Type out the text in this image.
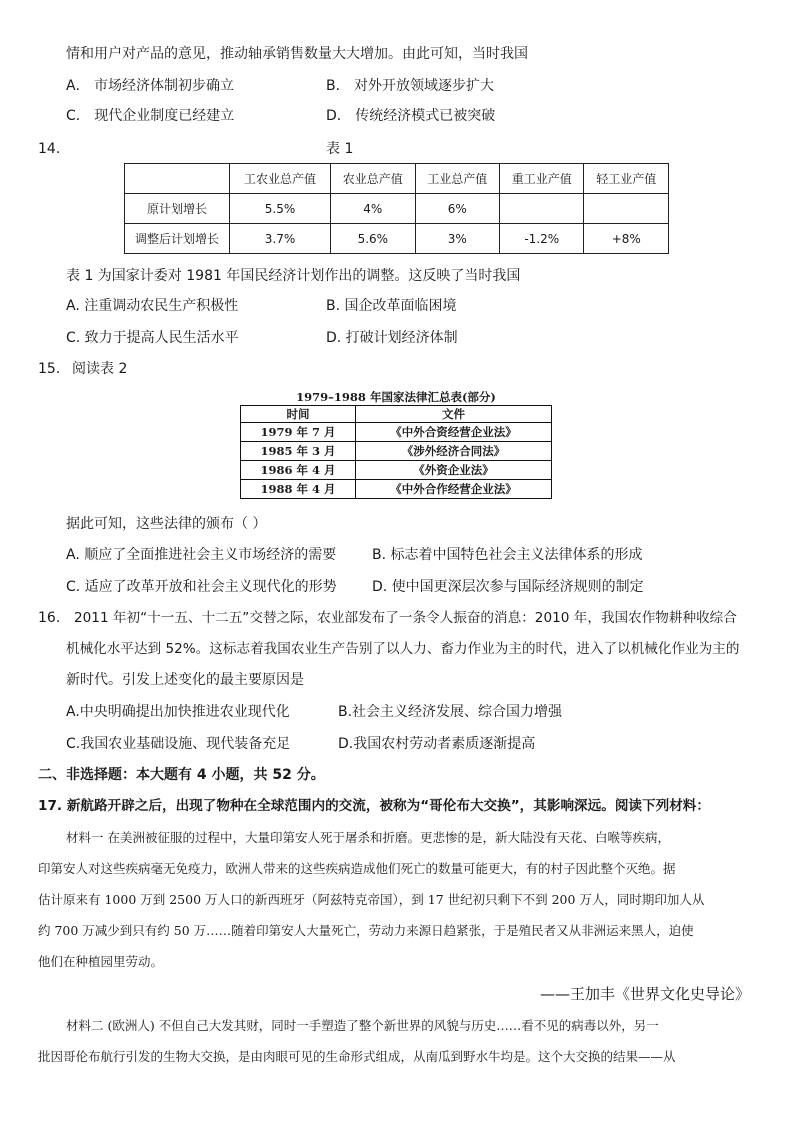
情和用户对产品的意见，推动轴承销售数量大大增加。由此可知，当时我国
A． 市场经济体制初步确立	B． 对外开放领域逐步扩大
C． 现代企业制度已经建立	D． 传统经济模式已被突破
14.	表 1
	工农业总产值	农业总产值	工业总产值	重工业产值	轻工业产值
原计划增长	5.5%	4%	6%		
调整后计划增长	3.7%	5.6%	3%	-1.2%	+8%
表 1 为国家计委对 1981 年国民经济计划作出的调整。这反映了当时我国
A. 注重调动农民生产积极性	B. 国企改革面临困境
C. 致力于提高人民生活水平	D. 打破计划经济体制
15. 阅读表 2
1979–1988 年国家法律汇总表(部分)
时间	文件
1979 年 7 月	《中外合资经营企业法》
1985 年 3 月	《涉外经济合同法》
1986 年 4 月	《外资企业法》
1988 年 4 月	《中外合作经营企业法》
据此可知，这些法律的颁布（ ）
A. 顺应了全面推进社会主义市场经济的需要	B. 标志着中国特色社会主义法律体系的形成
C. 适应了改革开放和社会主义现代化的形势	D. 使中国更深层次参与国际经济规则的制定
16. 2011 年初“十一五、十二五”交替之际，农业部发布了一条令人振奋的消息：2010 年，我国农作物耕种收综合
机械化水平达到 52%。这标志着我国农业生产告别了以人力、畜力作业为主的时代，进入了以机械化作业为主的
新时代。引发上述变化的最主要原因是
A.中央明确提出加快推进农业现代化	B.社会主义经济发展、综合国力增强
C.我国农业基础设施、现代装备充足	D.我国农村劳动者素质逐渐提高
二、非选择题：本大题有 4 小题，共 52 分。
17. 新航路开辟之后，出现了物种在全球范围内的交流，被称为“哥伦布大交换”，其影响深远。阅读下列材料：
材料一 在美洲被征服的过程中，大量印第安人死于屠杀和折磨。更悲惨的是，新大陆没有天花、白喉等疾病，
印第安人对这些疾病毫无免疫力，欧洲人带来的这些疾病造成他们死亡的数量可能更大，有的村子因此整个灭绝。据
估计原来有 1000 万到 2500 万人口的新西班牙（阿兹特克帝国），到 17 世纪初只剩下不到 200 万人，同时期印加人从
约 700 万减少到只有约 50 万……随着印第安人大量死亡，劳动力来源日趋紧张，于是殖民者又从非洲运来黑人，迫使
他们在种植园里劳动。
——王加丰《世界文化史导论》
材料二 (欧洲人) 不但自己大发其财，同时一手塑造了整个新世界的风貌与历史……看不见的病毒以外，另一
批因哥伦布航行引发的生物大交换，是由肉眼可见的生命形式组成，从南瓜到野水牛均是。这个大交换的结果——从
